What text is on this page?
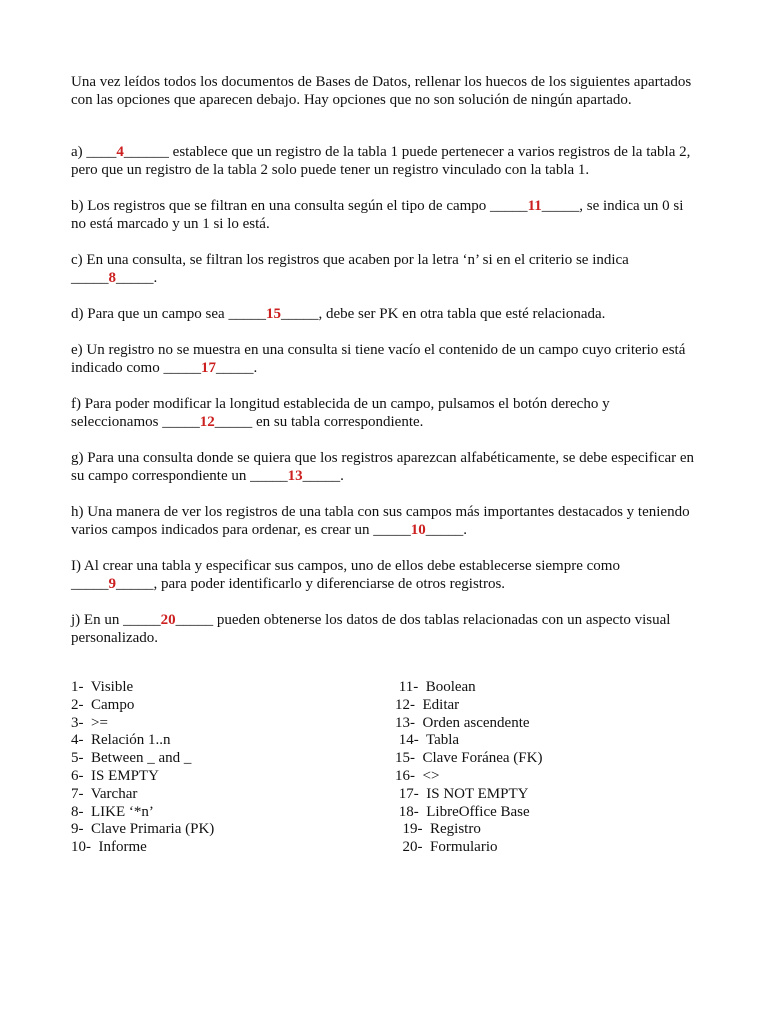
Una vez leídos todos los documentos de Bases de Datos, rellenar los huecos de los siguientes apartados
con las opciones que aparecen debajo. Hay opciones que no son solución de ningún apartado.
a) ____4______ establece que un registro de la tabla 1 puede pertenecer a varios registros de la tabla 2,
pero que un registro de la tabla 2 solo puede tener un registro vinculado con la tabla 1.
b) Los registros que se filtran en una consulta según el tipo de campo _____11_____, se indica un 0 si
no está marcado y un 1 si lo está.
c) En una consulta, se filtran los registros que acaben por la letra ‘n’ si en el criterio se indica
_____8_____.
d) Para que un campo sea _____15_____, debe ser PK en otra tabla que esté relacionada.
e) Un registro no se muestra en una consulta si tiene vacío el contenido de un campo cuyo criterio está
indicado como _____17_____.
f) Para poder modificar la longitud establecida de un campo, pulsamos el botón derecho y
seleccionamos _____12_____ en su tabla correspondiente.
g) Para una consulta donde se quiera que los registros aparezcan alfabéticamente, se debe especificar en
su campo correspondiente un _____13_____.
h) Una manera de ver los registros de una tabla con sus campos más importantes destacados y teniendo
varios campos indicados para ordenar, es crear un _____10_____.
I) Al crear una tabla y especificar sus campos, uno de ellos debe establecerse siempre como
_____9_____, para poder identificarlo y diferenciarse de otros registros.
j) En un _____20_____ pueden obtenerse los datos de dos tablas relacionadas con un aspecto visual
personalizado.
1-  Visible
2-  Campo
3-  >=
4-  Relación 1..n
5-  Between _ and _
6-  IS EMPTY
7-  Varchar
8-  LIKE ‘*n’
9-  Clave Primaria (PK)
10-  Informe
11-  Boolean
12-  Editar
13-  Orden ascendente
14-  Tabla
15-  Clave Foránea (FK)
16-  <>
17-  IS NOT EMPTY
18-  LibreOffice Base
19-  Registro
20-  Formulario
